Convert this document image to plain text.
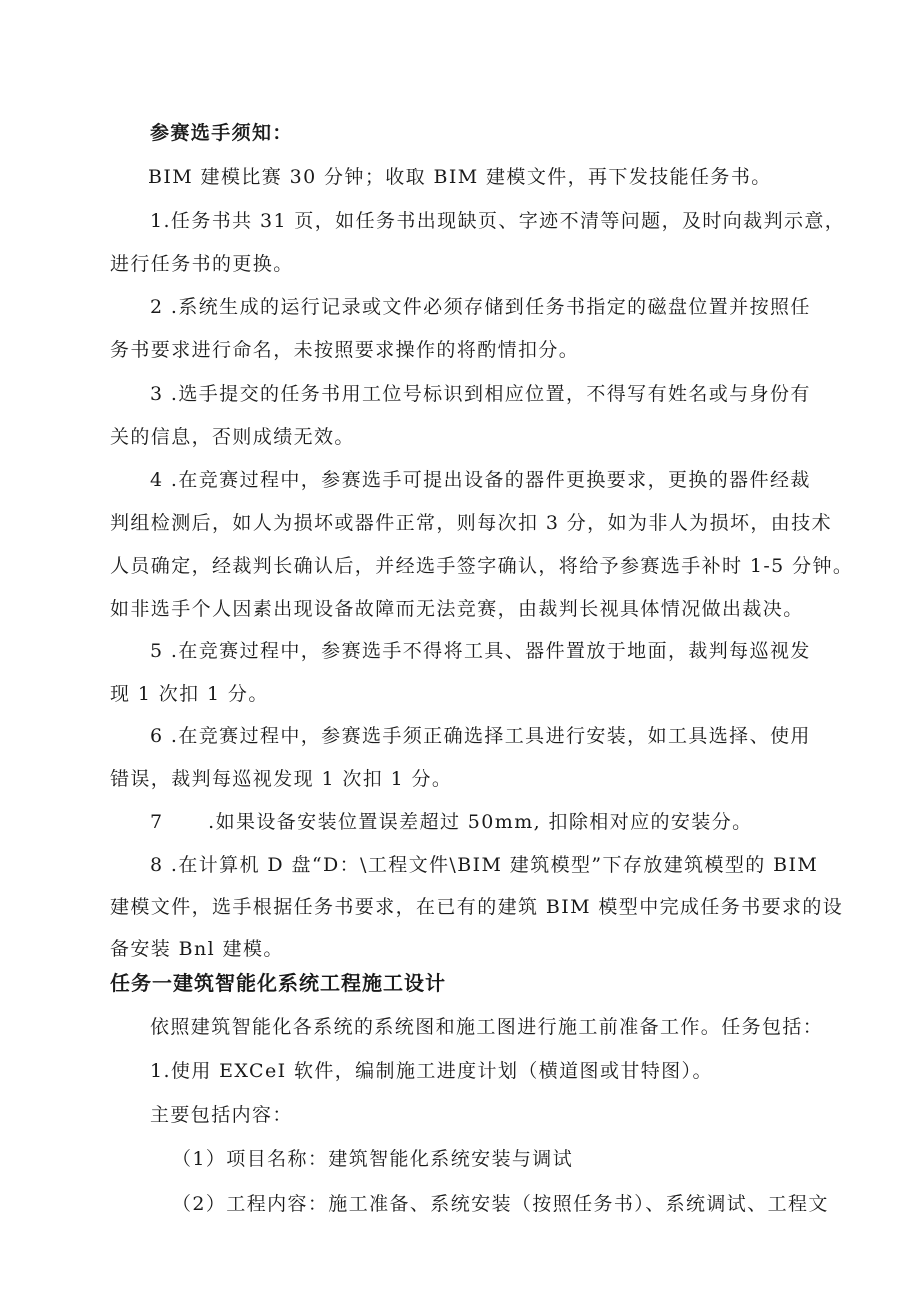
参赛选手须知：

BIM 建模比赛 30 分钟；收取 BIM 建模文件，再下发技能任务书。

1.任务书共 31 页，如任务书出现缺页、字迹不清等问题，及时向裁判示意，

进行任务书的更换。

2 .系统生成的运行记录或文件必须存储到任务书指定的磁盘位置并按照任

务书要求进行命名，未按照要求操作的将酌情扣分。

3 .选手提交的任务书用工位号标识到相应位置，不得写有姓名或与身份有

关的信息，否则成绩无效。

4 .在竞赛过程中，参赛选手可提出设备的器件更换要求，更换的器件经裁

判组检测后，如人为损坏或器件正常，则每次扣 3 分，如为非人为损坏，由技术

人员确定，经裁判长确认后，并经选手签字确认，将给予参赛选手补时 1-5 分钟。

如非选手个人因素出现设备故障而无法竞赛，由裁判长视具体情况做出裁决。

5 .在竞赛过程中，参赛选手不得将工具、器件置放于地面，裁判每巡视发

现 1 次扣 1 分。

6 .在竞赛过程中，参赛选手须正确选择工具进行安装，如工具选择、使用

错误，裁判每巡视发现 1 次扣 1 分。

7      .如果设备安装位置误差超过 50mm, 扣除相对应的安装分。

8 .在计算机 D 盘“D：\工程文件\BIM 建筑模型”下存放建筑模型的 BIM

建模文件，选手根据任务书要求，在已有的建筑 BIM 模型中完成任务书要求的设

备安装 Bnl 建模。

任务一建筑智能化系统工程施工设计

依照建筑智能化各系统的系统图和施工图进行施工前准备工作。任务包括：

1.使用 EXCeI 软件，编制施工进度计划（横道图或甘特图）。

主要包括内容：

（1）项目名称：建筑智能化系统安装与调试

（2）工程内容：施工准备、系统安装（按照任务书）、系统调试、工程文
